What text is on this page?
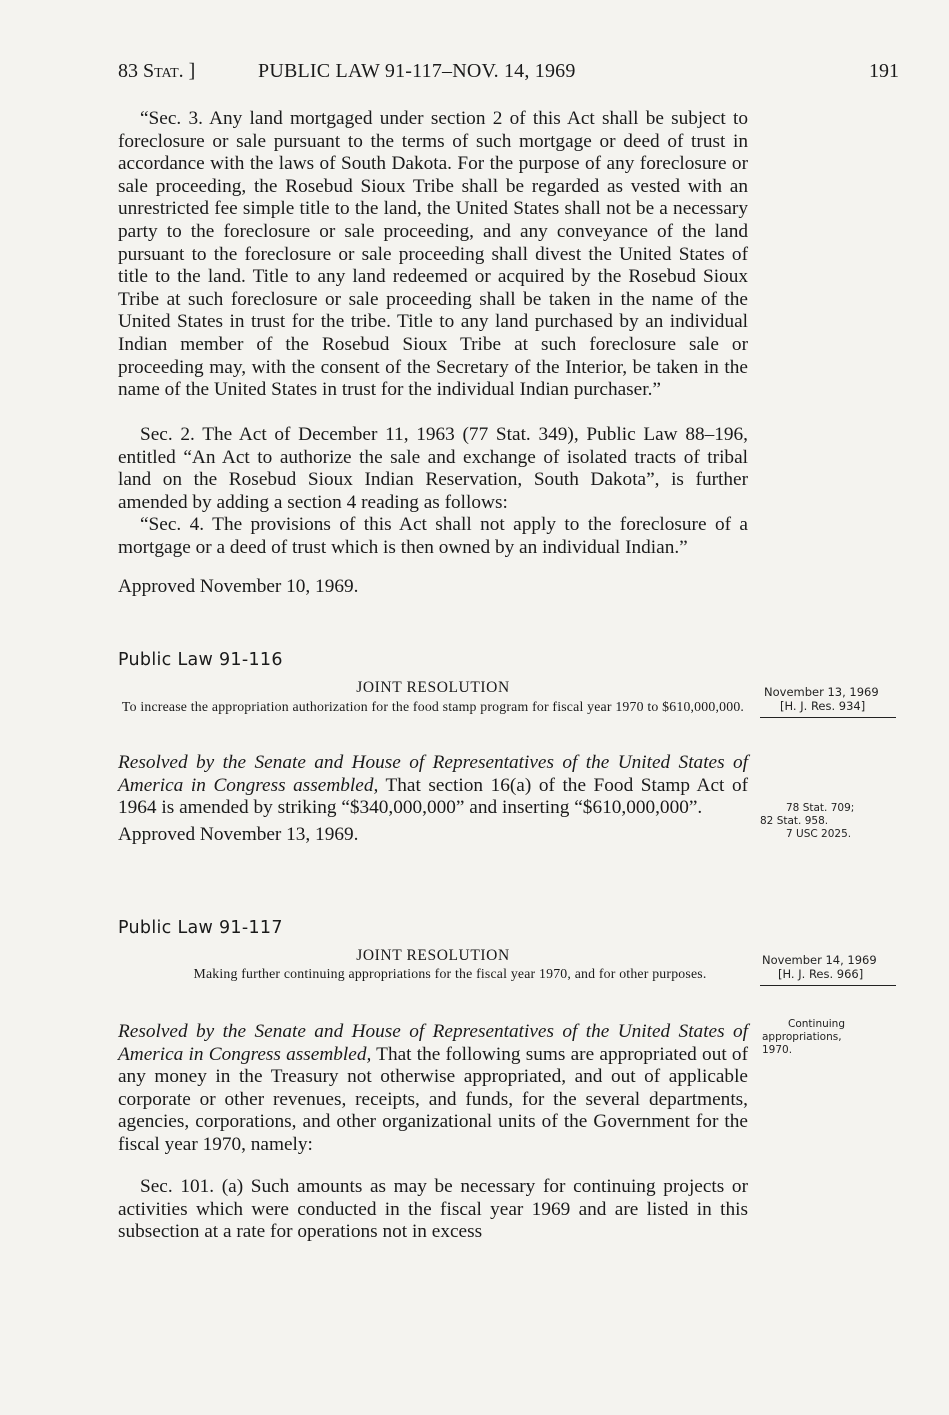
83 Stat. ]	PUBLIC LAW 91-117–NOV. 14, 1969	191

“Sec. 3. Any land mortgaged under section 2 of this Act shall be subject to foreclosure or sale pursuant to the terms of such mortgage or deed of trust in accordance with the laws of South Dakota. For the purpose of any foreclosure or sale proceeding, the Rosebud Sioux Tribe shall be regarded as vested with an unrestricted fee simple title to the land, the United States shall not be a necessary party to the foreclosure or sale proceeding, and any conveyance of the land pursuant to the foreclosure or sale proceeding shall divest the United States of title to the land. Title to any land redeemed or acquired by the Rosebud Sioux Tribe at such foreclosure or sale proceeding shall be taken in the name of the United States in trust for the tribe. Title to any land purchased by an individual Indian member of the Rosebud Sioux Tribe at such foreclosure sale or proceeding may, with the consent of the Secretary of the Interior, be taken in the name of the United States in trust for the individual Indian purchaser.”

Sec. 2. The Act of December 11, 1963 (77 Stat. 349), Public Law 88–196, entitled “An Act to authorize the sale and exchange of isolated tracts of tribal land on the Rosebud Sioux Indian Reservation, South Dakota”, is further amended by adding a section 4 reading as follows:

“Sec. 4. The provisions of this Act shall not apply to the foreclosure of a mortgage or a deed of trust which is then owned by an individual Indian.”

Approved November 10, 1969.

Public Law 91-116
JOINT RESOLUTION
To increase the appropriation authorization for the food stamp program for fiscal year 1970 to $610,000,000.
November 13, 1969
[H. J. Res. 934]

Resolved by the Senate and House of Representatives of the United States of America in Congress assembled, That section 16(a) of the Food Stamp Act of 1964 is amended by striking “$340,000,000” and inserting “$610,000,000”.

Approved November 13, 1969.

78 Stat. 709;
82 Stat. 958.
7 USC 2025.
Public Law 91-117
JOINT RESOLUTION
Making further continuing appropriations for the fiscal year 1970, and for other purposes.
November 14, 1969
[H. J. Res. 966]

Resolved by the Senate and House of Representatives of the United States of America in Congress assembled, That the following sums are appropriated out of any money in the Treasury not otherwise appropriated, and out of applicable corporate or other revenues, receipts, and funds, for the several departments, agencies, corporations, and other organizational units of the Government for the fiscal year 1970, namely:

Continuing
appropriations,
1970.

Sec. 101. (a) Such amounts as may be necessary for continuing projects or activities which were conducted in the fiscal year 1969 and are listed in this subsection at a rate for operations not in excess
